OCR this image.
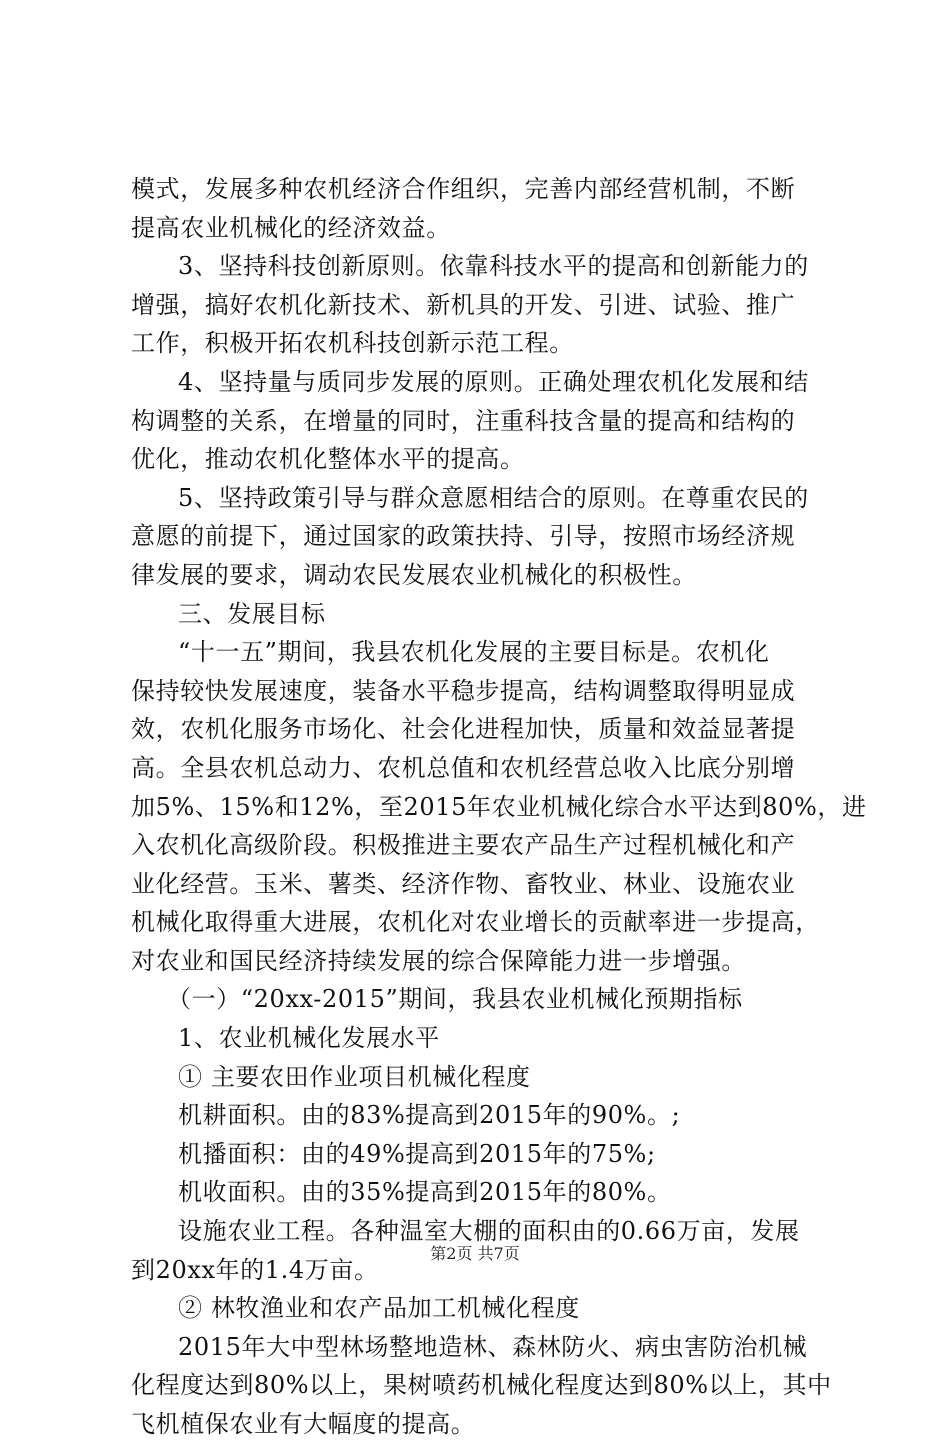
模式，发展多种农机经济合作组织，完善内部经营机制，不断
提高农业机械化的经济效益。
3、坚持科技创新原则。依靠科技水平的提高和创新能力的
增强，搞好农机化新技术、新机具的开发、引进、试验、推广
工作，积极开拓农机科技创新示范工程。
4、坚持量与质同步发展的原则。正确处理农机化发展和结
构调整的关系，在增量的同时，注重科技含量的提高和结构的
优化，推动农机化整体水平的提高。
5、坚持政策引导与群众意愿相结合的原则。在尊重农民的
意愿的前提下，通过国家的政策扶持、引导，按照市场经济规
律发展的要求，调动农民发展农业机械化的积极性。
三、发展目标
“十一五”期间，我县农机化发展的主要目标是。农机化
保持较快发展速度，装备水平稳步提高，结构调整取得明显成
效，农机化服务市场化、社会化进程加快，质量和效益显著提
高。全县农机总动力、农机总值和农机经营总收入比底分别增
加5%、15%和12%，至2015年农业机械化综合水平达到80%，进
入农机化高级阶段。积极推进主要农产品生产过程机械化和产
业化经营。玉米、薯类、经济作物、畜牧业、林业、设施农业
机械化取得重大进展，农机化对农业增长的贡献率进一步提高，
对农业和国民经济持续发展的综合保障能力进一步增强。
（一）“20xx-2015”期间，我县农业机械化预期指标
1、农业机械化发展水平
① 主要农田作业项目机械化程度
机耕面积。由的83%提高到2015年的90%。;
机播面积：由的49%提高到2015年的75%;
机收面积。由的35%提高到2015年的80%。
设施农业工程。各种温室大棚的面积由的0.66万亩，发展
到20xx年的1.4万亩。
② 林牧渔业和农产品加工机械化程度
2015年大中型林场整地造林、森林防火、病虫害防治机械
化程度达到80%以上，果树喷药机械化程度达到80%以上，其中
飞机植保农业有大幅度的提高。
第2页 共7页
